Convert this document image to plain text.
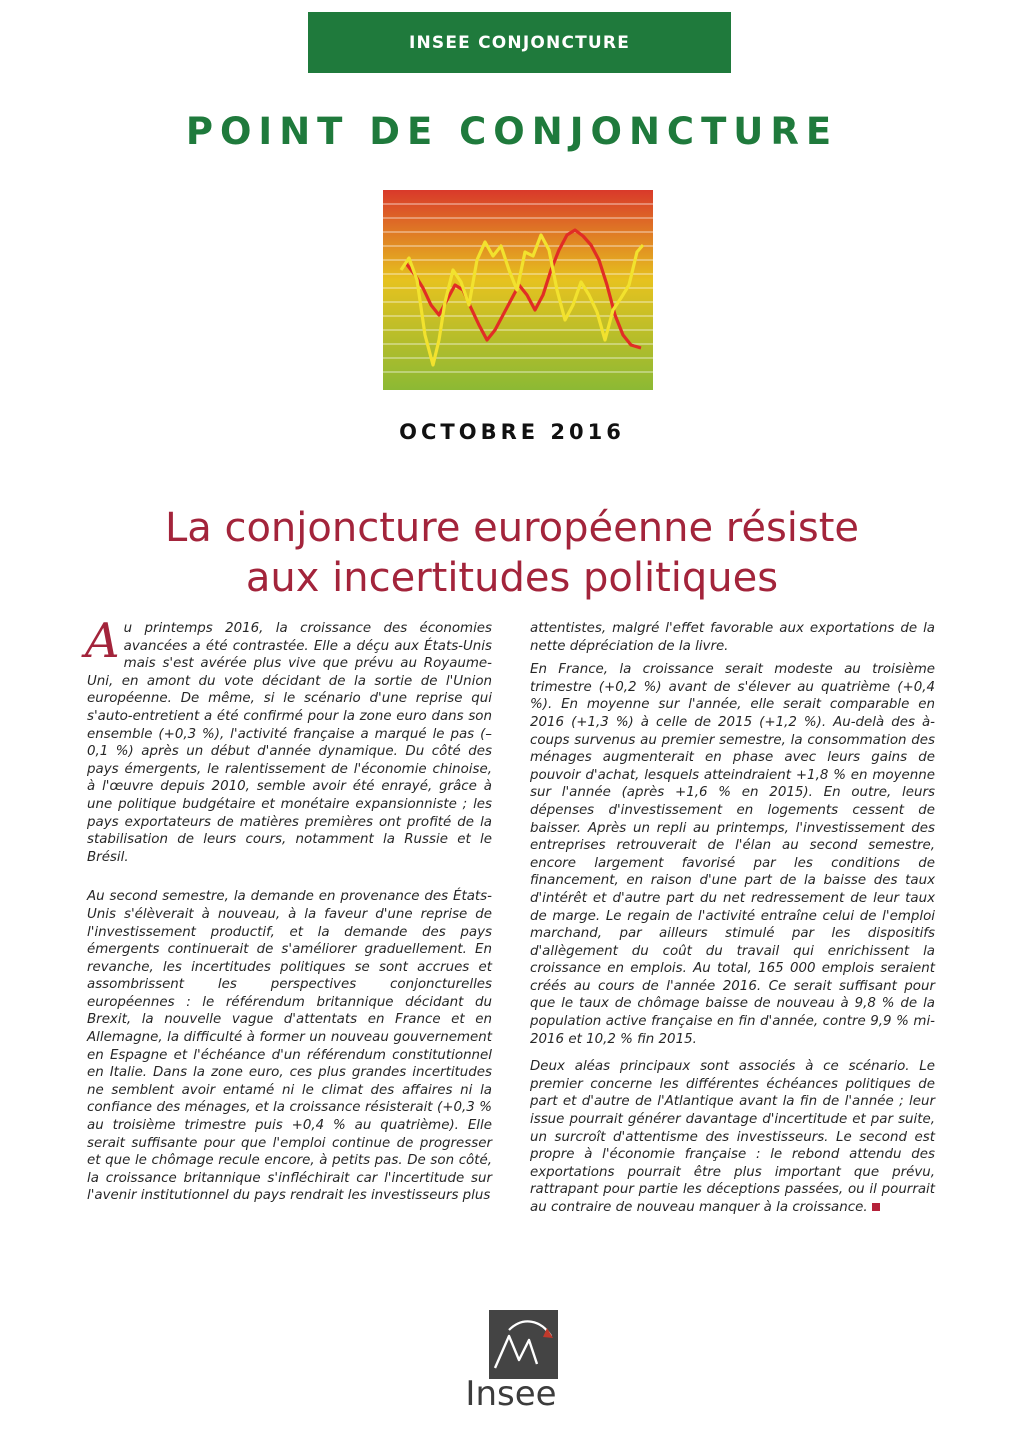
INSEE CONJONCTURE
POINT DE CONJONCTURE
OCTOBRE 2016
La conjoncture européenne résiste
aux incertitudes politiques

Au printemps 2016, la croissance des économies avancées a été contrastée. Elle a déçu aux États-Unis mais s'est avérée plus vive que prévu au Royaume-Uni, en amont du vote décidant de la sortie de l'Union européenne. De même, si le scénario d'une reprise qui s'auto-entretient a été confirmé pour la zone euro dans son ensemble (+0,3 %), l'activité française a marqué le pas (–0,1 %) après un début d'année dynamique. Du côté des pays émergents, le ralentissement de l'économie chinoise, à l'œuvre depuis 2010, semble avoir été enrayé, grâce à une politique budgétaire et monétaire expansionniste ; les pays exportateurs de matières premières ont profité de la stabilisation de leurs cours, notamment la Russie et le Brésil.

Au second semestre, la demande en provenance des États-Unis s'élèverait à nouveau, à la faveur d'une reprise de l'investissement productif, et la demande des pays émergents continuerait de s'améliorer graduellement. En revanche, les incertitudes politiques se sont accrues et assombrissent les perspectives conjoncturelles européennes : le référendum britannique décidant du Brexit, la nouvelle vague d'attentats en France et en Allemagne, la difficulté à former un nouveau gouvernement en Espagne et l'échéance d'un référendum constitutionnel en Italie. Dans la zone euro, ces plus grandes incertitudes ne semblent avoir entamé ni le climat des affaires ni la confiance des ménages, et la croissance résisterait (+0,3 % au troisième trimestre puis +0,4 % au quatrième). Elle serait suffisante pour que l'emploi continue de progresser et que le chômage recule encore, à petits pas. De son côté, la croissance britannique s'infléchirait car l'incertitude sur l'avenir institutionnel du pays rendrait les investisseurs plus

attentistes, malgré l'effet favorable aux exportations de la nette dépréciation de la livre.

En France, la croissance serait modeste au troisième trimestre (+0,2 %) avant de s'élever au quatrième (+0,4 %). En moyenne sur l'année, elle serait comparable en 2016 (+1,3 %) à celle de 2015 (+1,2 %). Au-delà des à-coups survenus au premier semestre, la consommation des ménages augmenterait en phase avec leurs gains de pouvoir d'achat, lesquels atteindraient +1,8 % en moyenne sur l'année (après +1,6 % en 2015). En outre, leurs dépenses d'investissement en logements cessent de baisser. Après un repli au printemps, l'investissement des entreprises retrouverait de l'élan au second semestre, encore largement favorisé par les conditions de financement, en raison d'une part de la baisse des taux d'intérêt et d'autre part du net redressement de leur taux de marge. Le regain de l'activité entraîne celui de l'emploi marchand, par ailleurs stimulé par les dispositifs d'allègement du coût du travail qui enrichissent la croissance en emplois. Au total, 165 000 emplois seraient créés au cours de l'année 2016. Ce serait suffisant pour que le taux de chômage baisse de nouveau à 9,8 % de la population active française en fin d'année, contre 9,9 % mi-2016 et 10,2 % fin 2015.

Deux aléas principaux sont associés à ce scénario. Le premier concerne les différentes échéances politiques de part et d'autre de l'Atlantique avant la fin de l'année ; leur issue pourrait générer davantage d'incertitude et par suite, un surcroît d'attentisme des investisseurs. Le second est propre à l'économie française : le rebond attendu des exportations pourrait être plus important que prévu, rattrapant pour partie les déceptions passées, ou il pourrait au contraire de nouveau manquer à la croissance.

Insee
